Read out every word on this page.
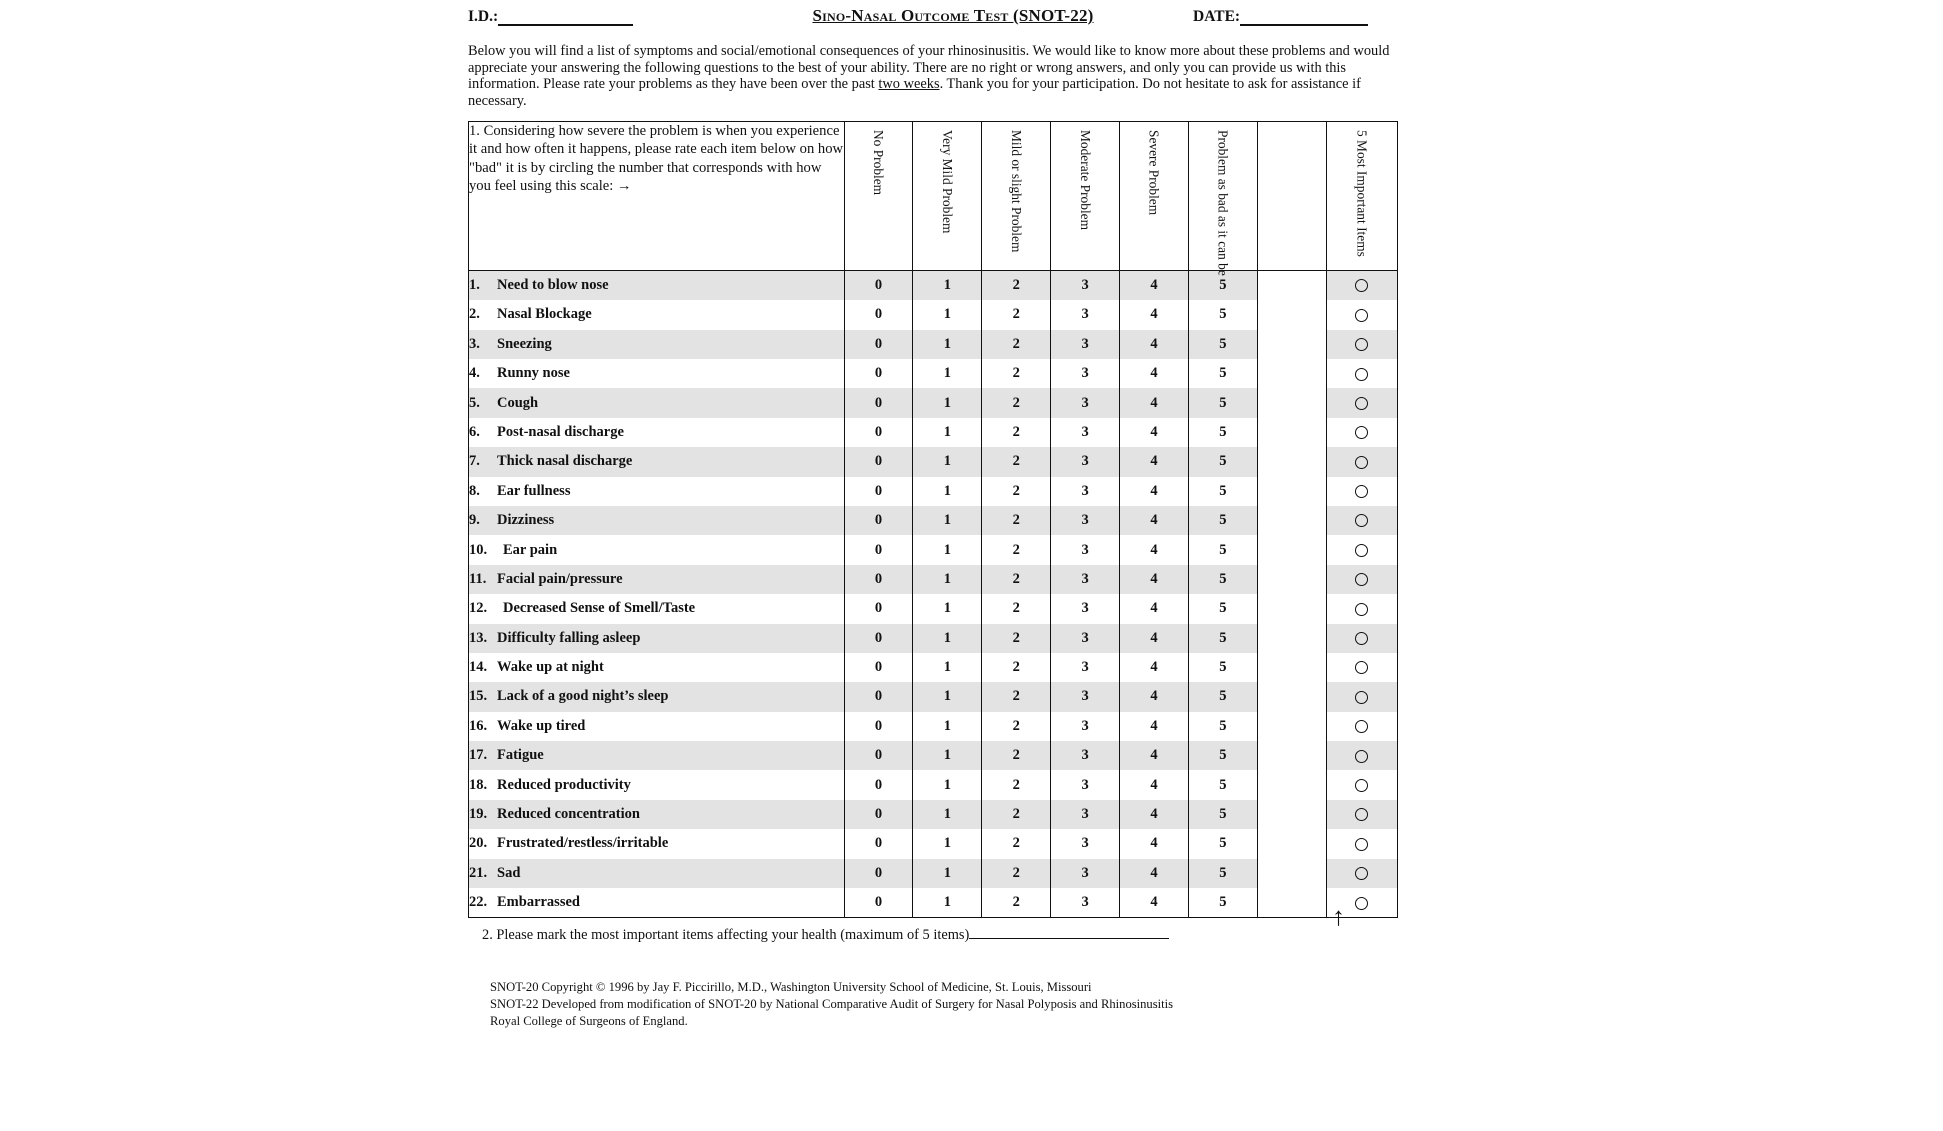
I.D.:	Sino-Nasal Outcome Test (SNOT-22)	DATE:
Below you will find a list of symptoms and social/emotional consequences of your rhinosinusitis. We would like to know more about these problems and would appreciate your answering the following questions to the best of your ability. There are no right or wrong answers, and only you can provide us with this information. Please rate your problems as they have been over the past two weeks. Thank you for your participation. Do not hesitate to ask for assistance if necessary.
1. Considering how severe the problem is when you experience it and how often it happens, please rate each item below on how "bad" it is by circling the number that corresponds with how you feel using this scale: →	No Problem	Very Mild Problem	Mild or slight Problem	Moderate Problem	Severe Problem	Problem as bad as it can be		5 Most Important Items

1. Need to blow nose	0	1	2	3	4	5		
2. Nasal Blockage	0	1	2	3	4	5		
3. Sneezing	0	1	2	3	4	5		
4. Runny nose	0	1	2	3	4	5		
5. Cough	0	1	2	3	4	5		
6. Post-nasal discharge	0	1	2	3	4	5		
7. Thick nasal discharge	0	1	2	3	4	5		
8. Ear fullness	0	1	2	3	4	5		
9. Dizziness	0	1	2	3	4	5		
10. Ear pain	0	1	2	3	4	5		
11. Facial pain/pressure	0	1	2	3	4	5		
12. Decreased Sense of Smell/Taste	0	1	2	3	4	5		
13. Difficulty falling asleep	0	1	2	3	4	5		
14. Wake up at night	0	1	2	3	4	5		
15. Lack of a good night’s sleep	0	1	2	3	4	5		
16. Wake up tired	0	1	2	3	4	5		
17. Fatigue	0	1	2	3	4	5		
18. Reduced productivity	0	1	2	3	4	5		
19. Reduced concentration	0	1	2	3	4	5		
20. Frustrated/restless/irritable	0	1	2	3	4	5		
21. Sad	0	1	2	3	4	5		
22. Embarrassed	0	1	2	3	4	5		
2. Please mark the most important items affecting your health (maximum of 5 items)
↑
SNOT-20 Copyright © 1996 by Jay F. Piccirillo, M.D., Washington University School of Medicine, St. Louis, Missouri
SNOT-22 Developed from modification of SNOT-20 by National Comparative Audit of Surgery for Nasal Polyposis and Rhinosinusitis
Royal College of Surgeons of England.
